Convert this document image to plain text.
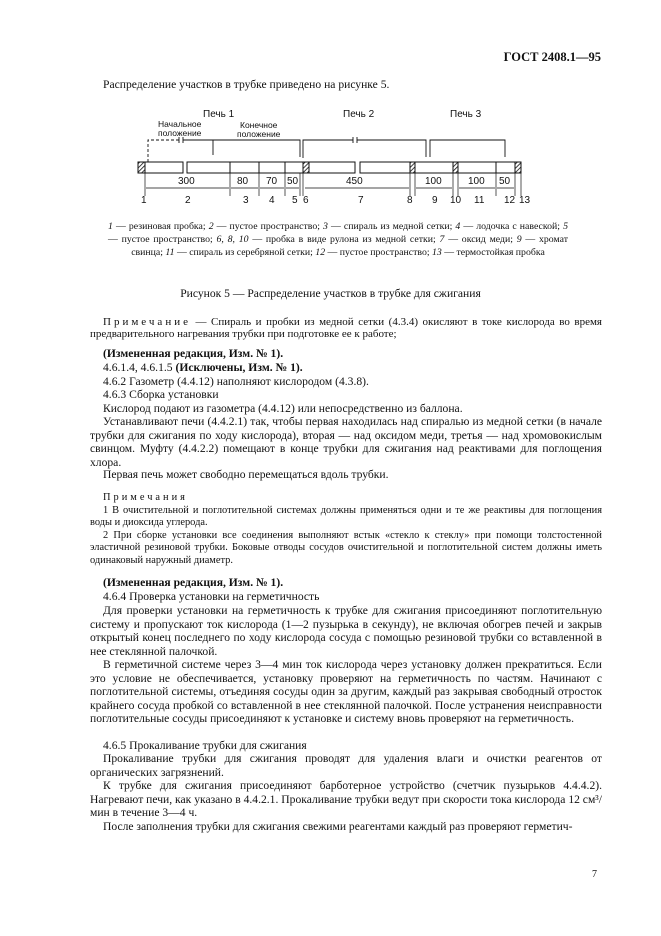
ГОСТ 2408.1—95
Распределение участков в трубке приведено на рисунке 5.
Печь 1	Печь 2	Печь 3
Начальное
положение
Конечное
положение
300	80 70 50	450	100	100 50
1	2	3 4 5 6	7	8 9 10 11 12 13
1 — резиновая пробка; 2 — пустое пространство; 3 — спираль из медной сетки; 4 — лодочка с навеской; 5 — пустое пространство; 6, 8, 10 — пробка в виде рулона из медной сетки; 7 — оксид меди; 9 — хромат свинца; 11 — спираль из серебряной сетки; 12 — пустое пространство; 13 — термостойкая пробка
Рисунок 5 — Распределение участков в трубке для сжигания
Примечание — Спираль и пробки из медной сетки (4.3.4) окисляют в токе кислорода во время предварительного нагревания трубки при подготовке ее к работе;
(Измененная редакция, Изм. № 1).
4.6.1.4, 4.6.1.5 (Исключены, Изм. № 1).
4.6.2 Газометр (4.4.12) наполняют кислородом (4.3.8).
4.6.3 Сборка установки
Кислород подают из газометра (4.4.12) или непосредственно из баллона.
Устанавливают печи (4.4.2.1) так, чтобы первая находилась над спиралью из медной сетки (в начале трубки для сжигания по ходу кислорода), вторая — над оксидом меди, третья — над хромовокислым свинцом. Муфту (4.4.2.2) помещают в конце трубки для сжигания над реактивами для поглощения хлора.
Первая печь может свободно перемещаться вдоль трубки.
Примечания
1 В очистительной и поглотительной системах должны применяться одни и те же реактивы для поглощения воды и диоксида углерода.
2 При сборке установки все соединения выполняют встык «стекло к стеклу» при помощи толстостенной эластичной резиновой трубки. Боковые отводы сосудов очистительной и поглотительной систем должны иметь одинаковый наружный диаметр.
(Измененная редакция, Изм. № 1).
4.6.4 Проверка установки на герметичность
Для проверки установки на герметичность к трубке для сжигания присоединяют поглотительную систему и пропускают ток кислорода (1—2 пузырька в секунду), не включая обогрев печей и закрыв открытый конец последнего по ходу кислорода сосуда с помощью резиновой трубки со вставленной в нее стеклянной палочкой.
В герметичной системе через 3—4 мин ток кислорода через установку должен прекратиться. Если это условие не обеспечивается, установку проверяют на герметичность по частям. Начинают с поглотительной системы, отъединяя сосуды один за другим, каждый раз закрывая свободный отросток крайнего сосуда пробкой со вставленной в нее стеклянной палочкой. После устранения неисправности поглотительные сосуды присоединяют к установке и систему вновь проверяют на герметичность.
4.6.5 Прокаливание трубки для сжигания
Прокаливание трубки для сжигания проводят для удаления влаги и очистки реагентов от органических загрязнений.
К трубке для сжигания присоединяют барботерное устройство (счетчик пузырьков 4.4.4.2). Нагревают печи, как указано в 4.4.2.1. Прокаливание трубки ведут при скорости тока кислорода 12 см³/мин в течение 3—4 ч.
После заполнения трубки для сжигания свежими реагентами каждый раз проверяют герметич-
7
